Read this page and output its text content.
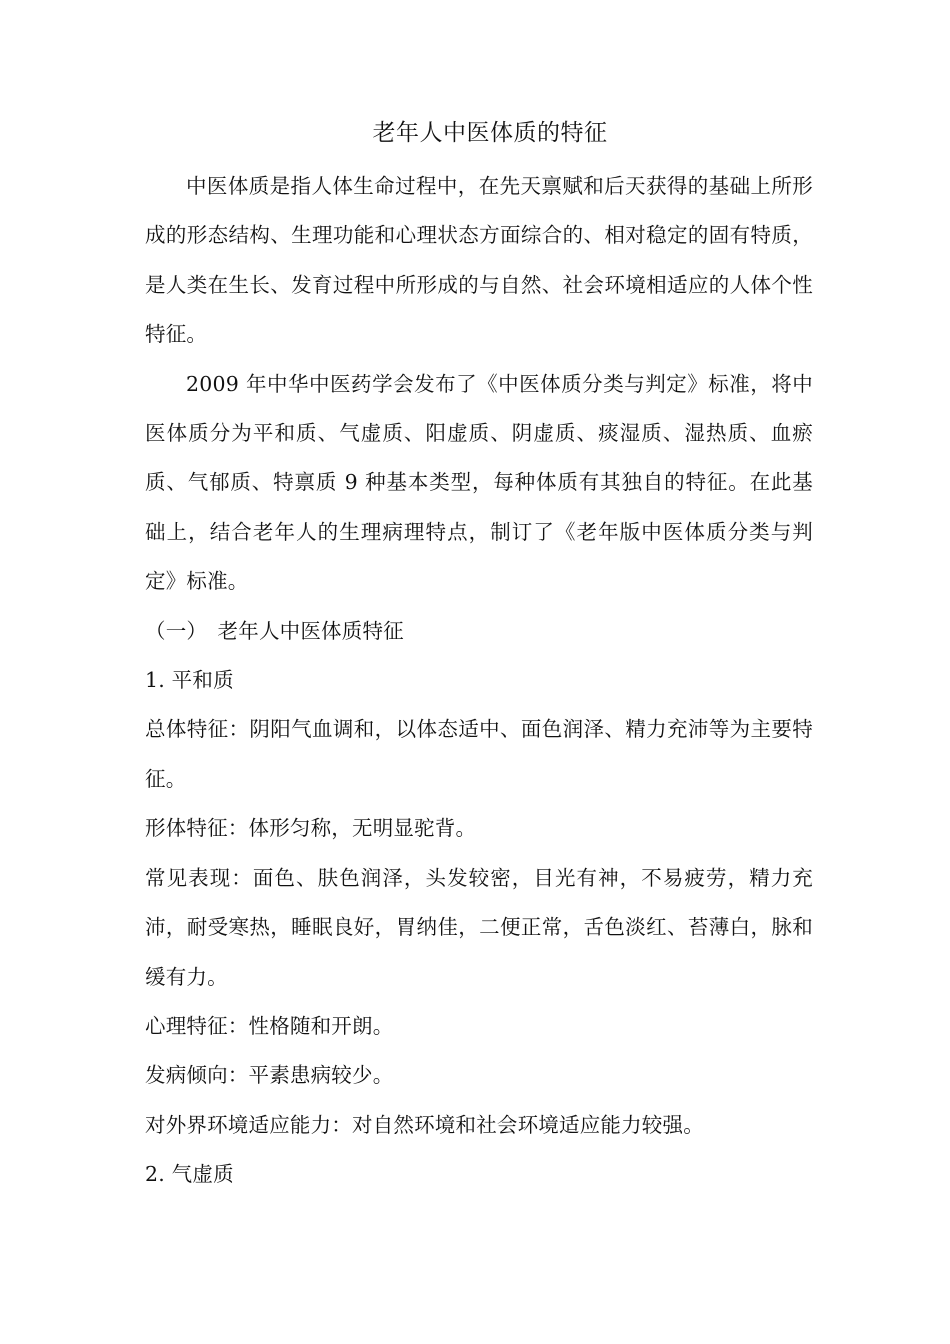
老年人中医体质的特征

中医体质是指人体生命过程中，在先天禀赋和后天获得的基础上所形成的形态结构、生理功能和心理状态方面综合的、相对稳定的固有特质，是人类在生长、发育过程中所形成的与自然、社会环境相适应的人体个性特征。

2009 年中华中医药学会发布了《中医体质分类与判定》标准，将中医体质分为平和质、气虚质、阳虚质、阴虚质、痰湿质、湿热质、血瘀质、气郁质、特禀质 9 种基本类型，每种体质有其独自的特征。在此基础上，结合老年人的生理病理特点，制订了《老年版中医体质分类与判定》标准。

（一）　老年人中医体质特征

1. 平和质

总体特征：阴阳气血调和，以体态适中、面色润泽、精力充沛等为主要特征。

形体特征：体形匀称，无明显驼背。

常见表现：面色、肤色润泽，头发较密，目光有神，不易疲劳，精力充沛，耐受寒热，睡眠良好，胃纳佳，二便正常，舌色淡红、苔薄白，脉和缓有力。

心理特征：性格随和开朗。

发病倾向：平素患病较少。

对外界环境适应能力：对自然环境和社会环境适应能力较强。

2. 气虚质
